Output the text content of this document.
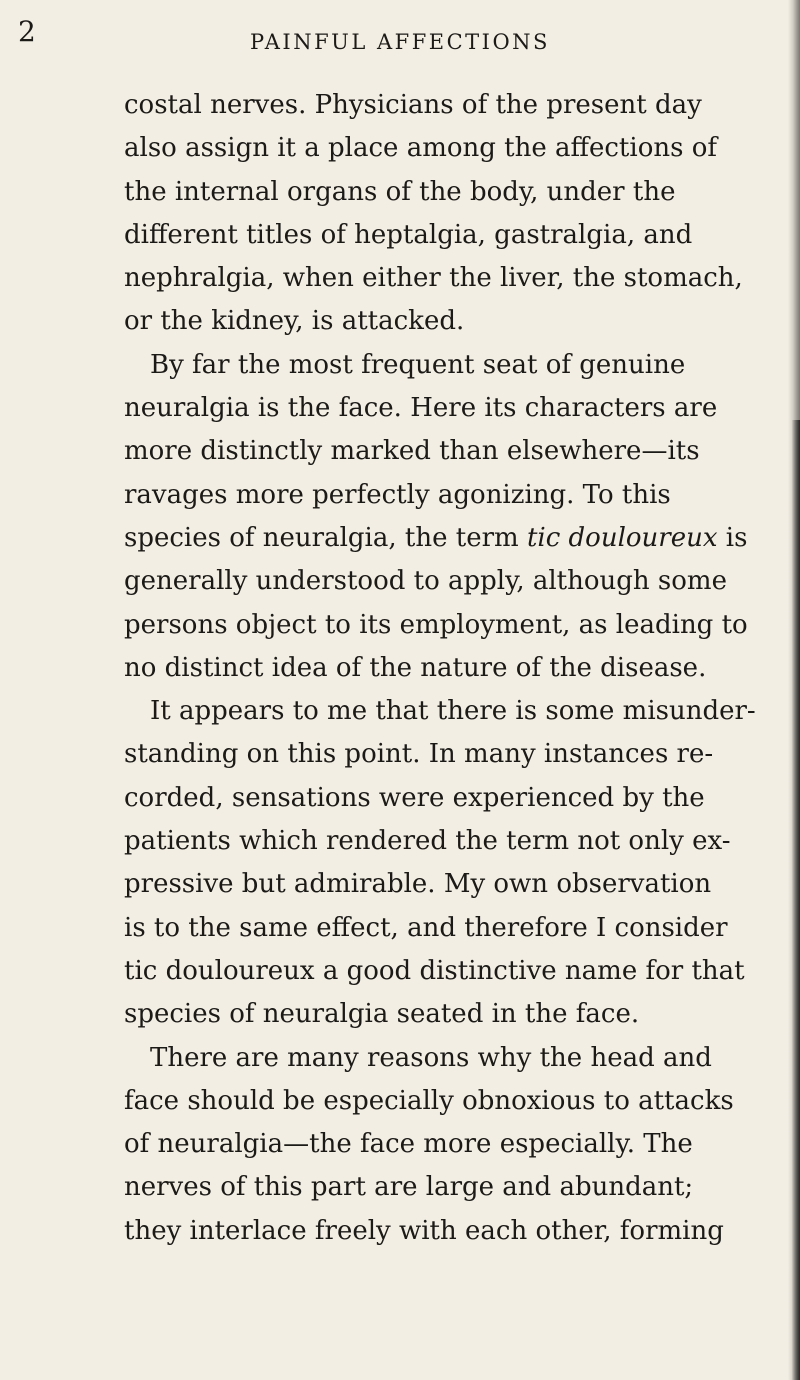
2	PAINFUL AFFECTIONS
costal nerves. Physicians of the present day
also assign it a place among the affections of
the internal organs of the body, under the
different titles of heptalgia, gastralgia, and
nephralgia, when either the liver, the stomach,
or the kidney, is attacked.
By far the most frequent seat of genuine
neuralgia is the face. Here its characters are
more distinctly marked than elsewhere—its
ravages more perfectly agonizing. To this
species of neuralgia, the term tic douloureux is
generally understood to apply, although some
persons object to its employment, as leading to
no distinct idea of the nature of the disease.
It appears to me that there is some misunder-
standing on this point. In many instances re-
corded, sensations were experienced by the
patients which rendered the term not only ex-
pressive but admirable. My own observation
is to the same effect, and therefore I consider
tic douloureux a good distinctive name for that
species of neuralgia seated in the face.
There are many reasons why the head and
face should be especially obnoxious to attacks
of neuralgia—the face more especially. The
nerves of this part are large and abundant;
they interlace freely with each other, forming
